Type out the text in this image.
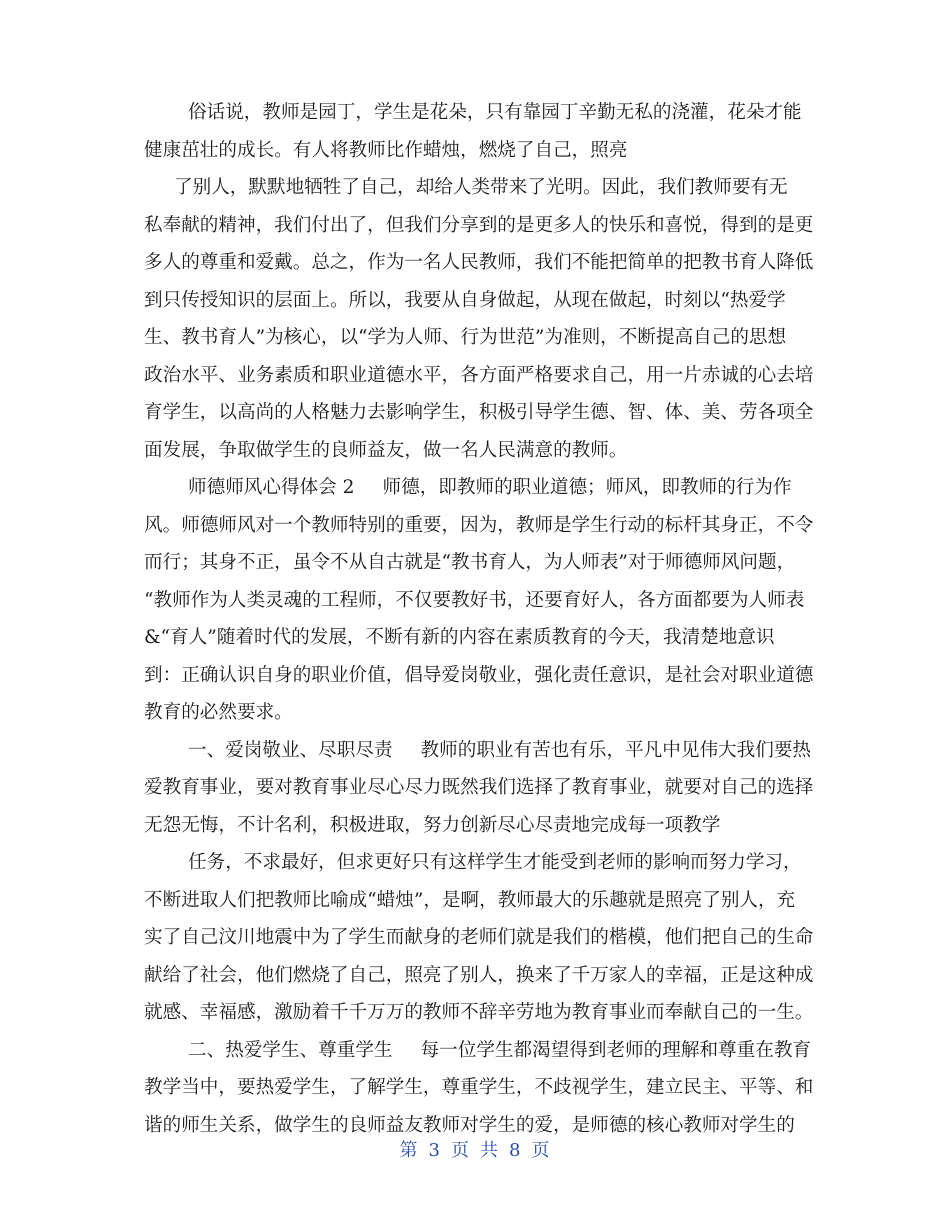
俗话说，教师是园丁，学生是花朵，只有靠园丁辛勤无私的浇灌，花朵才能
健康茁壮的成长。有人将教师比作蜡烛，燃烧了自己，照亮
了别人，默默地牺牲了自己，却给人类带来了光明。因此，我们教师要有无
私奉献的精神，我们付出了，但我们分享到的是更多人的快乐和喜悦，得到的是更
多人的尊重和爱戴。总之，作为一名人民教师，我们不能把简单的把教书育人降低
到只传授知识的层面上。所以，我要从自身做起，从现在做起，时刻以“热爱学
生、教书育人”为核心，以“学为人师、行为世范”为准则，不断提高自己的思想
政治水平、业务素质和职业道德水平，各方面严格要求自己，用一片赤诚的心去培
育学生，以高尚的人格魅力去影响学生，积极引导学生德、智、体、美、劳各项全
面发展，争取做学生的良师益友，做一名人民满意的教师。
师德师风心得体会 2 师德，即教师的职业道德；师风，即教师的行为作
风。师德师风对一个教师特别的重要，因为，教师是学生行动的标杆其身正，不令
而行；其身不正，虽令不从自古就是“教书育人，为人师表”对于师德师风问题，
“教师作为人类灵魂的工程师，不仅要教好书，还要育好人，各方面都要为人师表
&“育人”随着时代的发展，不断有新的内容在素质教育的今天，我清楚地意识
到：正确认识自身的职业价值，倡导爱岗敬业，强化责任意识，是社会对职业道德
教育的必然要求。
一、爱岗敬业、尽职尽责 教师的职业有苦也有乐，平凡中见伟大我们要热
爱教育事业，要对教育事业尽心尽力既然我们选择了教育事业，就要对自己的选择
无怨无悔，不计名利，积极进取，努力创新尽心尽责地完成每一项教学
任务，不求最好，但求更好只有这样学生才能受到老师的影响而努力学习，
不断进取人们把教师比喻成“蜡烛”，是啊，教师最大的乐趣就是照亮了别人，充
实了自己汶川地震中为了学生而献身的老师们就是我们的楷模，他们把自己的生命
献给了社会，他们燃烧了自己，照亮了别人，换来了千万家人的幸福，正是这种成
就感、幸福感，激励着千千万万的教师不辞辛劳地为教育事业而奉献自己的一生。
二、热爱学生、尊重学生 每一位学生都渴望得到老师的理解和尊重在教育
教学当中，要热爱学生，了解学生，尊重学生，不歧视学生，建立民主、平等、和
谐的师生关系，做学生的良师益友教师对学生的爱，是师德的核心教师对学生的
第 3 页 共 8 页
